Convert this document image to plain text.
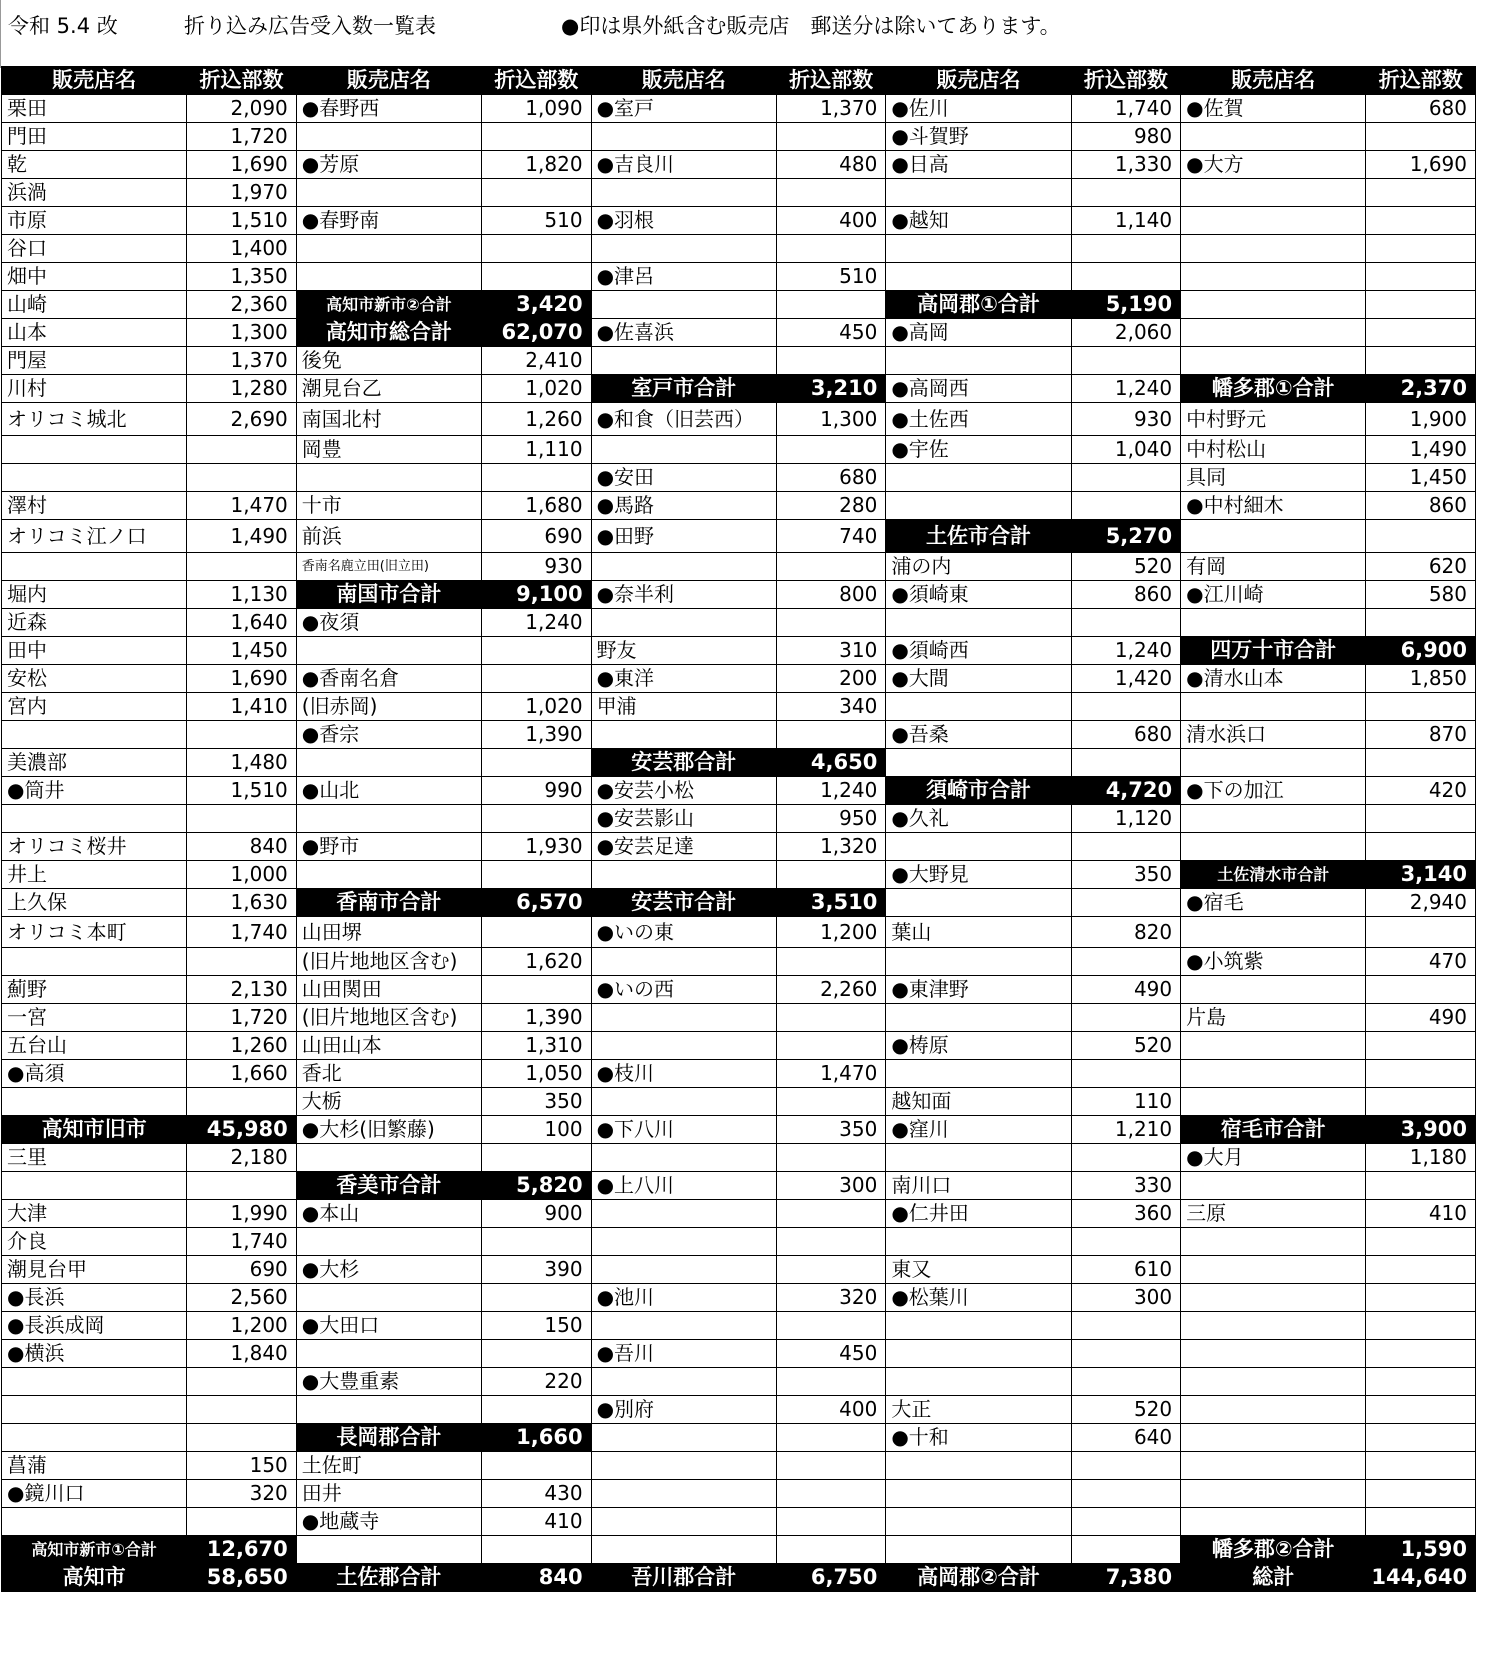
令和 5.4 改	折り込み広告受入数一覧表	●印は県外紙含む販売店　郵送分は除いてあります。
販売店名	折込部数	販売店名	折込部数	販売店名	折込部数	販売店名	折込部数	販売店名	折込部数
栗田	2,090	●春野西	1,090	●室戸	1,370	●佐川	1,740	●佐賀	680
門田	1,720					●斗賀野	980		
乾	1,690	●芳原	1,820	●吉良川	480	●日高	1,330	●大方	1,690
浜渦	1,970								
市原	1,510	●春野南	510	●羽根	400	●越知	1,140		
谷口	1,400								
畑中	1,350			●津呂	510				
山崎	2,360	高知市新市②合計	3,420			高岡郡①合計	5,190		
山本	1,300	高知市総合計	62,070	●佐喜浜	450	●高岡	2,060		
門屋	1,370	後免	2,410						
川村	1,280	潮見台乙	1,020	室戸市合計	3,210	●高岡西	1,240	幡多郡①合計	2,370
オリコミ城北	2,690	南国北村	1,260	●和食（旧芸西）	1,300	●土佐西	930	中村野元	1,900
		岡豊	1,110			●宇佐	1,040	中村松山	1,490
				●安田	680			具同	1,450
澤村	1,470	十市	1,680	●馬路	280			●中村細木	860
オリコミ江ノ口	1,490	前浜	690	●田野	740	土佐市合計	5,270		
		香南名鹿立田(旧立田)	930			浦の内	520	有岡	620
堀内	1,130	南国市合計	9,100	●奈半利	800	●須崎東	860	●江川崎	580
近森	1,640	●夜須	1,240						
田中	1,450			野友	310	●須崎西	1,240	四万十市合計	6,900
安松	1,690	●香南名倉		●東洋	200	●大間	1,420	●清水山本	1,850
宮内	1,410	(旧赤岡)	1,020	甲浦	340				
		●香宗	1,390			●吾桑	680	清水浜口	870
美濃部	1,480			安芸郡合計	4,650				
●筒井	1,510	●山北	990	●安芸小松	1,240	須崎市合計	4,720	●下の加江	420
				●安芸影山	950	●久礼	1,120		
オリコミ桜井	840	●野市	1,930	●安芸足達	1,320				
井上	1,000					●大野見	350	土佐清水市合計	3,140
上久保	1,630	香南市合計	6,570	安芸市合計	3,510			●宿毛	2,940
オリコミ本町	1,740	山田堺		●いの東	1,200	葉山	820		
		(旧片地地区含む)	1,620					●小筑紫	470
薊野	2,130	山田関田		●いの西	2,260	●東津野	490		
一宮	1,720	(旧片地地区含む)	1,390					片島	490
五台山	1,260	山田山本	1,310			●梼原	520		
●高須	1,660	香北	1,050	●枝川	1,470				
		大栃	350			越知面	110		
高知市旧市	45,980	●大杉(旧繁藤)	100	●下八川	350	●窪川	1,210	宿毛市合計	3,900
三里	2,180							●大月	1,180
		香美市合計	5,820	●上八川	300	南川口	330		
大津	1,990	●本山	900			●仁井田	360	三原	410
介良	1,740								
潮見台甲	690	●大杉	390			東又	610		
●長浜	2,560			●池川	320	●松葉川	300		
●長浜成岡	1,200	●大田口	150						
●横浜	1,840			●吾川	450				
		●大豊重素	220						
				●別府	400	大正	520		
		長岡郡合計	1,660			●十和	640		
菖蒲	150	土佐町							
●鏡川口	320	田井	430						
		●地蔵寺	410						
高知市新市①合計	12,670							幡多郡②合計	1,590
高知市	58,650	土佐郡合計	840	吾川郡合計	6,750	高岡郡②合計	7,380	総計	144,640
